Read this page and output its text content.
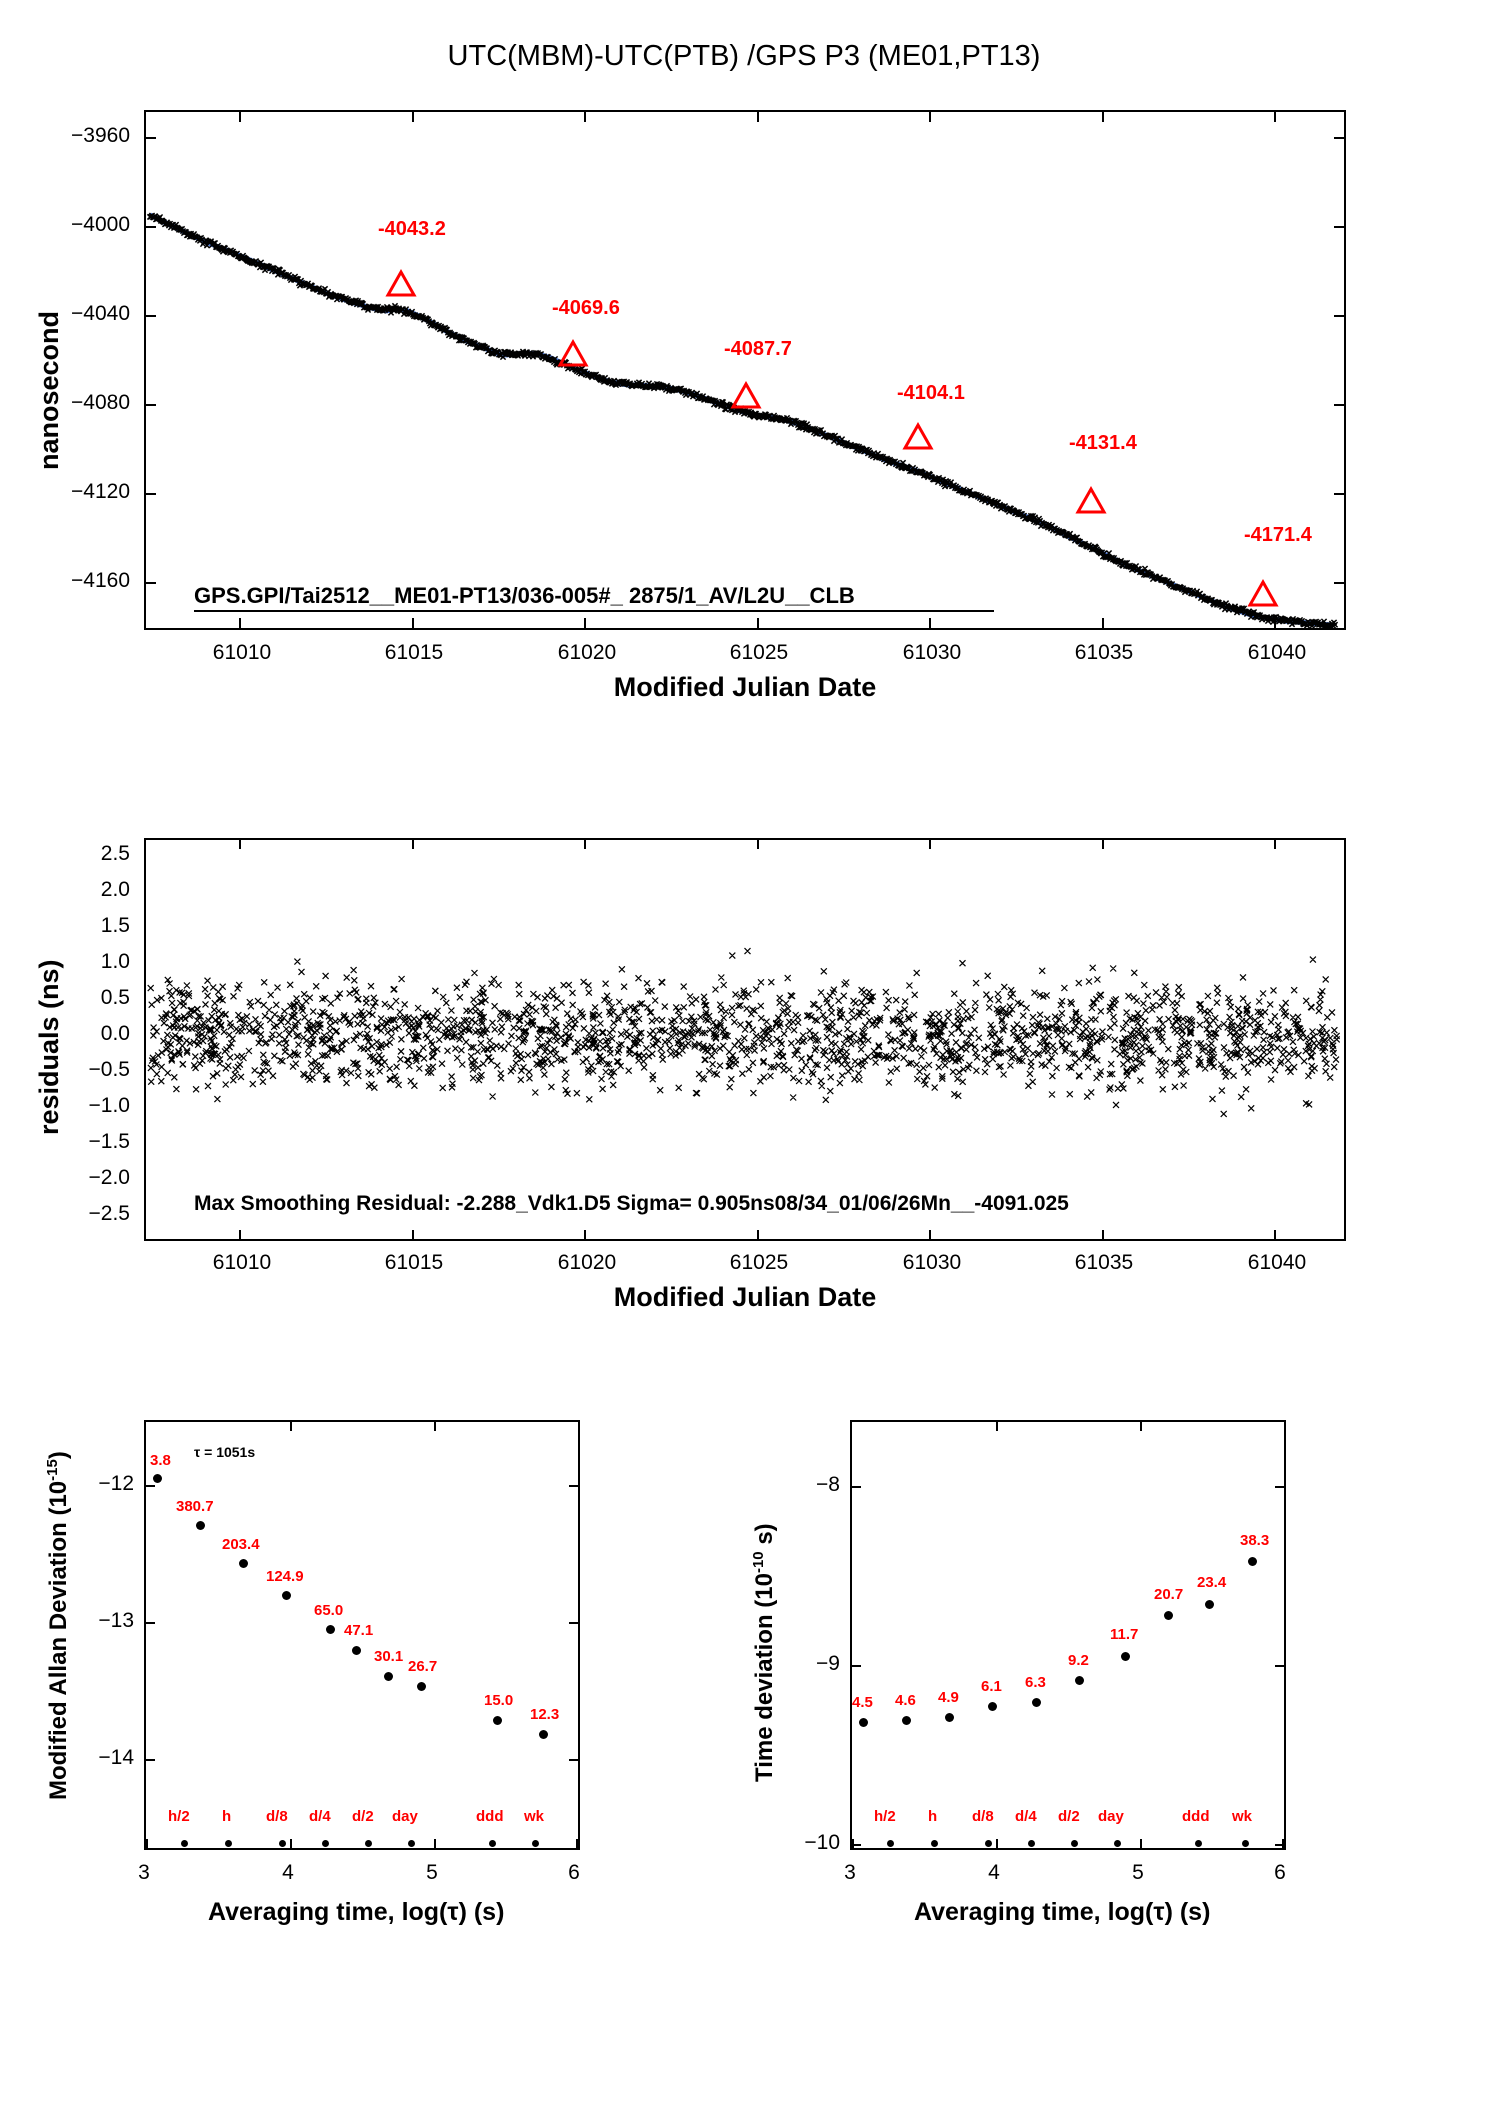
UTC(MBM)-UTC(PTB) /GPS P3 (ME01,PT13)
-4043.2
-4069.6
-4087.7
-4104.1
-4131.4
-4171.4
GPS.GPI/Tai2512__ME01-PT13/036-005#_ 2875/1_AV/L2U__CLB
−3960
−4000
−4040
−4080
−4120
−4160
61010	61015	61020	61025	61030	61035	61040
Modified Julian Date
nanosecond
Max Smoothing Residual: -2.288_Vdk1.D5 Sigma= 0.905ns08/34_01/06/26Mn__-4091.025
2.5
2.0
1.5
1.0
0.5
0.0
−0.5
−1.0
−1.5
−2.0
−2.5
61010	61015	61020	61025	61030	61035	61040
Modified Julian Date
residuals (ns)
τ = 1051s
3.8
380.7
203.4
124.9
65.0
47.1
30.1
26.7
15.0
12.3
h/2 h d/8 d/4 d/2 day	ddd wk
−12
−13
−14
3	4	5	6
Averaging time, log(τ) (s)
Modified Allan Deviation $(10^{-15})$
4.5 4.6 4.9
6.1 6.3
9.2
11.7
20.7
23.4
38.3
h/2 h d/8 d/4 d/2 day	ddd wk
−8
−9
−10
3	4	5	6
Averaging time, log(τ) (s)
Time deviation ($10^{-10}$ s)
